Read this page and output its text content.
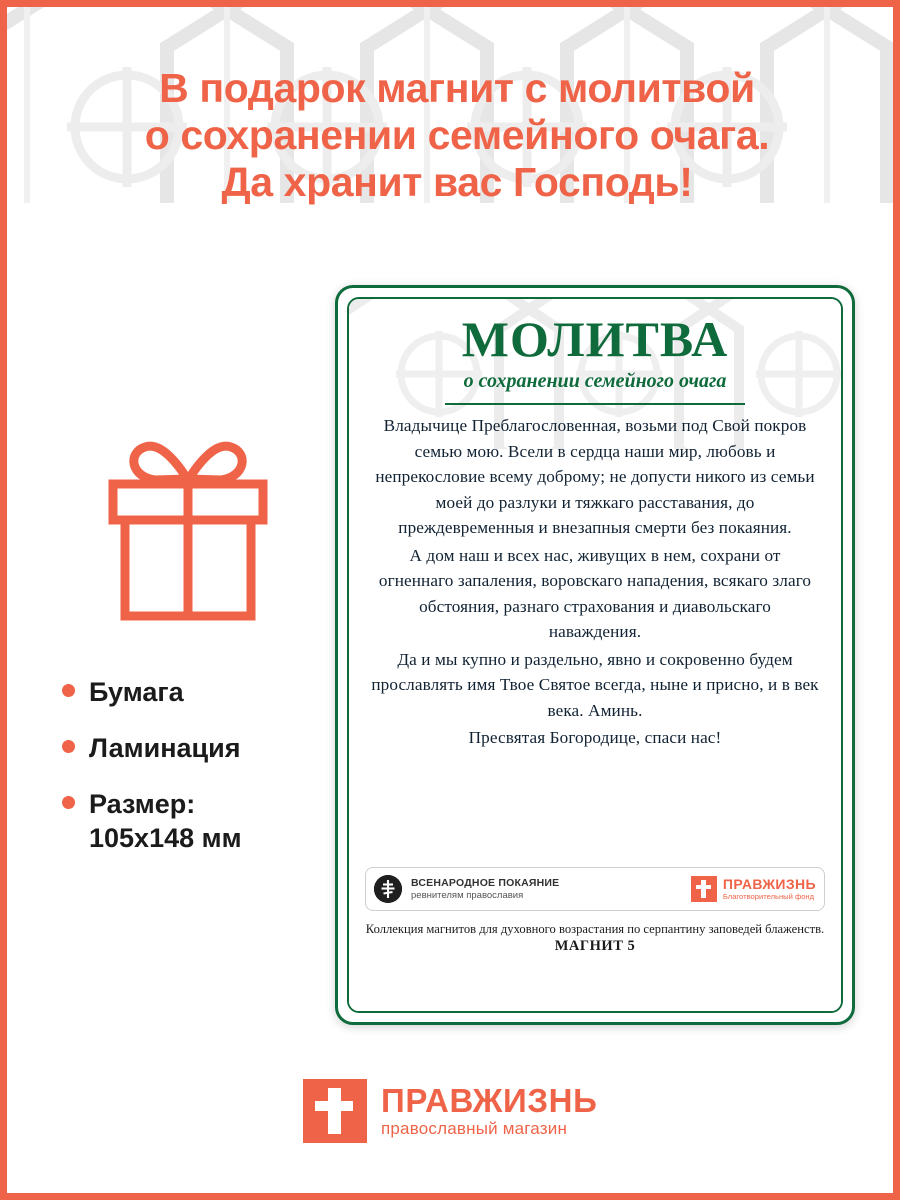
В подарок магнит с молитвой
о сохранении семейного очага.
Да хранит вас Господь!
Бумага
Ламинация
Размер:
105х148 мм
МОЛИТВА
о сохранении семейного очага

Владычице Преблагословенная, возьми под Свой покров семью мою. Всели в сердца наши мир, любовь и непрекословие всему доброму; не допусти никого из семьи моей до разлуки и тяжкаго расставания, до преждевременныя и внезапныя смерти без покаяния.

А дом наш и всех нас, живущих в нем, сохрани от огненнаго запаления, воровскаго нападения, всякаго злаго обстояния, разнаго страхования и диавольскаго наваждения.

Да и мы купно и раздельно, явно и сокровенно будем прославлять имя Твое Святое всегда, ныне и присно, и в век века. Аминь.

Пресвятая Богородице, спаси нас!

ВСЕНАРОДНОЕ ПОКАЯНИЕ
ревнителям православия
ПРАВЖИЗНЬ
Благотворительный фонд
Коллекция магнитов для духовного возрастания по серпантину заповедей блаженств. МАГНИТ 5
ПРАВЖИЗНЬ
православный магазин
